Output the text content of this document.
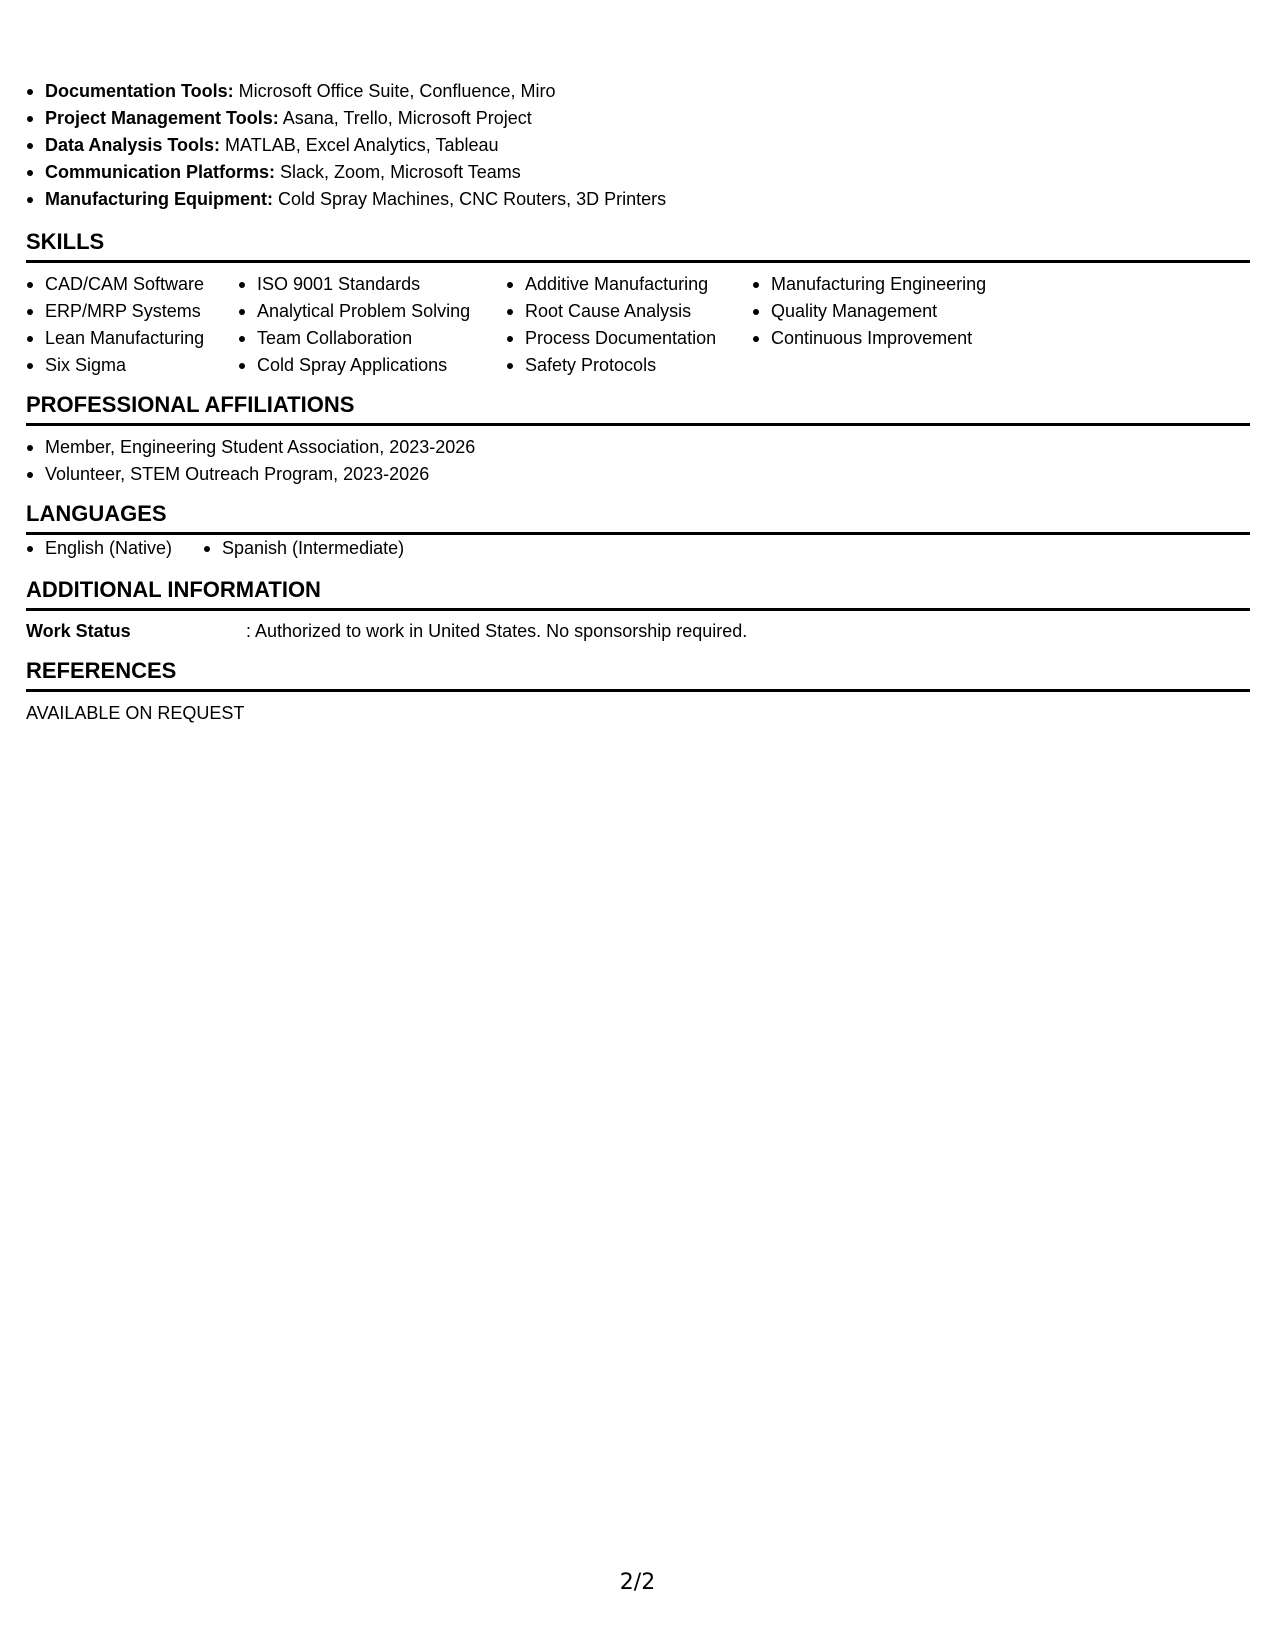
Documentation Tools: Microsoft Office Suite, Confluence, Miro
Project Management Tools: Asana, Trello, Microsoft Project
Data Analysis Tools: MATLAB, Excel Analytics, Tableau
Communication Platforms: Slack, Zoom, Microsoft Teams
Manufacturing Equipment: Cold Spray Machines, CNC Routers, 3D Printers
SKILLS
CAD/CAM Software
ERP/MRP Systems
Lean Manufacturing
Six Sigma
ISO 9001 Standards
Analytical Problem Solving
Team Collaboration
Cold Spray Applications
Additive Manufacturing
Root Cause Analysis
Process Documentation
Safety Protocols
Manufacturing Engineering
Quality Management
Continuous Improvement
PROFESSIONAL AFFILIATIONS
Member, Engineering Student Association, 2023-2026
Volunteer, STEM Outreach Program, 2023-2026
LANGUAGES
English (Native)	Spanish (Intermediate)
ADDITIONAL INFORMATION
Work Status	: Authorized to work in United States. No sponsorship required.
REFERENCES
AVAILABLE ON REQUEST
2/2
